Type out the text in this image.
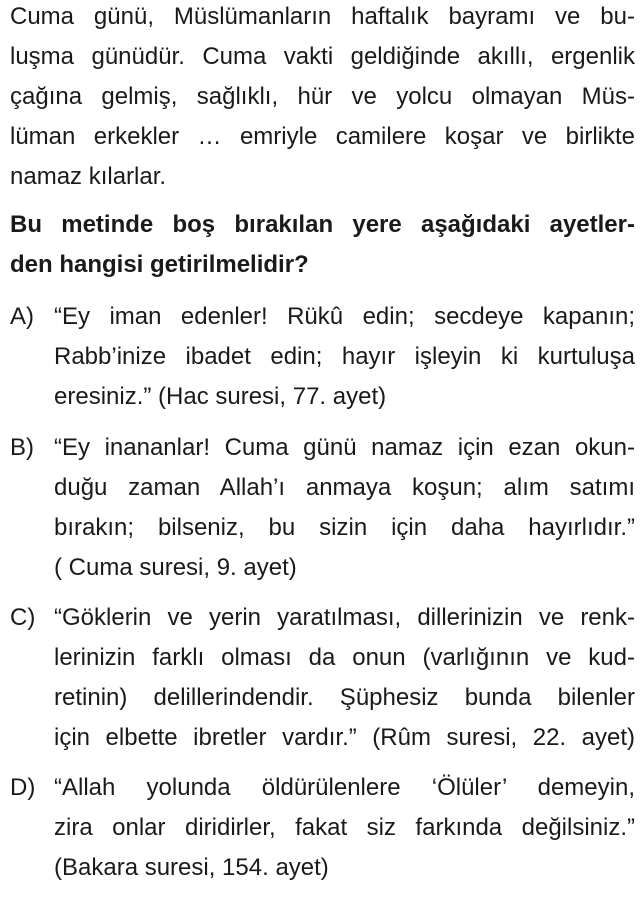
Cuma günü, Müslümanların haftalık bayramı ve bu-
luşma günüdür. Cuma vakti geldiğinde akıllı, ergenlik
çağına gelmiş, sağlıklı, hür ve yolcu olmayan Müs-
lüman erkekler … emriyle camilere koşar ve birlikte
namaz kılarlar.
Bu metinde boş bırakılan yere aşağıdaki ayetler-
den hangisi getirilmelidir?
A) “Ey iman edenler! Rükû edin; secdeye kapanın;
Rabb’inize ibadet edin; hayır işleyin ki kurtuluşa
eresiniz.” (Hac suresi, 77. ayet)
B) “Ey inananlar! Cuma günü namaz için ezan okun-
duğu zaman Allah’ı anmaya koşun; alım satımı
bırakın; bilseniz, bu sizin için daha hayırlıdır.”
( Cuma suresi, 9. ayet)
C) “Göklerin ve yerin yaratılması, dillerinizin ve renk-
lerinizin farklı olması da onun (varlığının ve kud-
retinin) delillerindendir. Şüphesiz bunda bilenler
için elbette ibretler vardır.” (Rûm suresi, 22. ayet)
D) “Allah yolunda öldürülenlere ‘Ölüler’ demeyin,
zira onlar diridirler, fakat siz farkında değilsiniz.”
(Bakara suresi, 154. ayet)
